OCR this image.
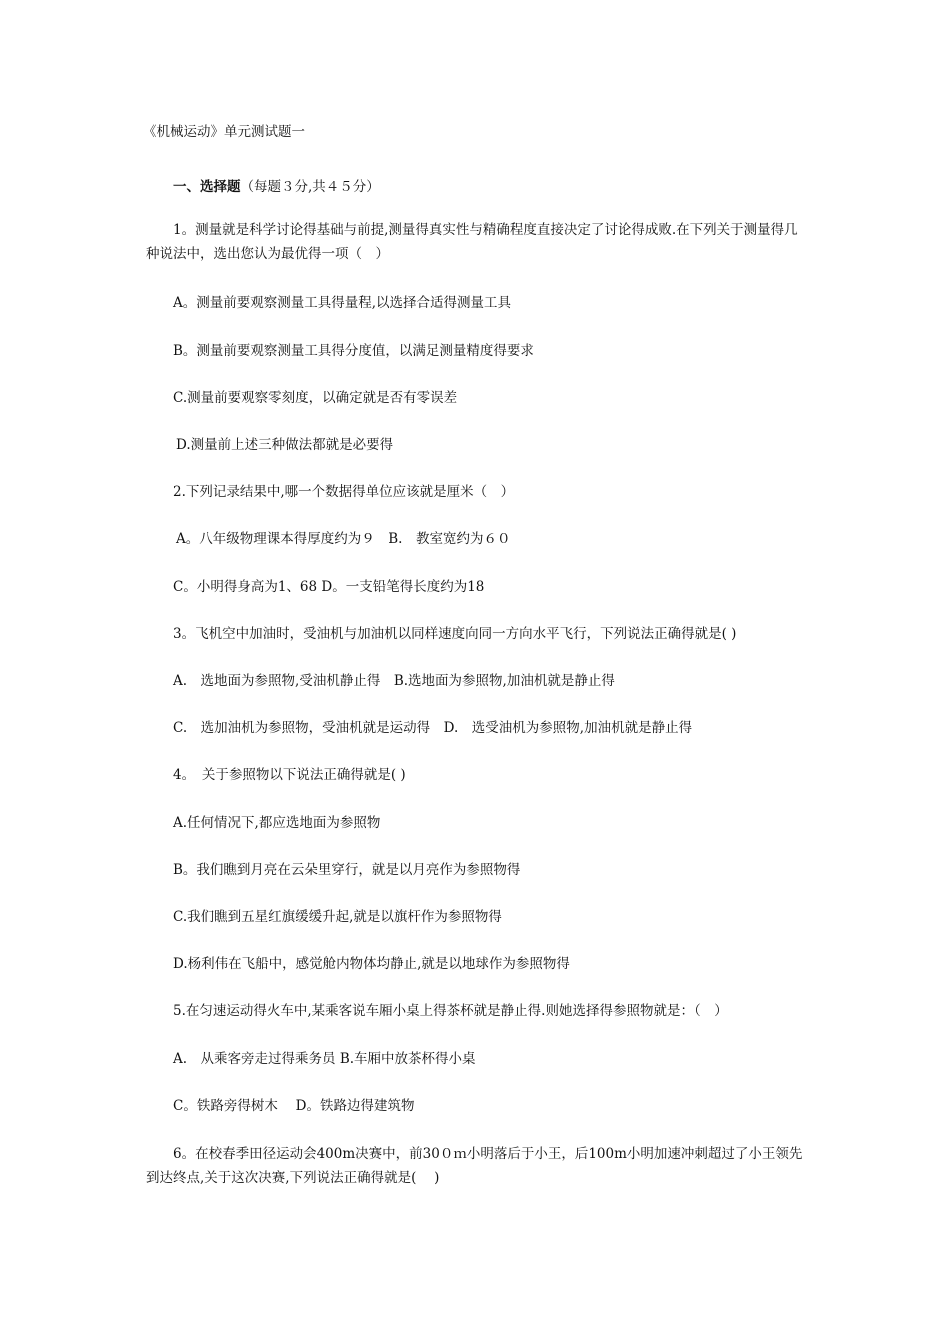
《机械运动》单元测试题一
一、选择题（每题３分,共４５分）
1。测量就是科学讨论得基础与前提,测量得真实性与精确程度直接决定了讨论得成败.在下列关于测量得几种说法中，选出您认为最优得一项（　）
A。测量前要观察测量工具得量程,以选择合适得测量工具
B。测量前要观察测量工具得分度值，以满足测量精度得要求
C.测量前要观察零刻度，以确定就是否有零误差
D.测量前上述三种做法都就是必要得
2.下列记录结果中,哪一个数据得单位应该就是厘米（　）
A。八年级物理课本得厚度约为９　B.　教室宽约为６０
C。小明得身高为1、68 D。一支铅笔得长度约为18
3。飞机空中加油时，受油机与加油机以同样速度向同一方向水平飞行，下列说法正确得就是( )
A.　选地面为参照物,受油机静止得　B.选地面为参照物,加油机就是静止得
C.　选加油机为参照物，受油机就是运动得　D.　选受油机为参照物,加油机就是静止得
4。　关于参照物以下说法正确得就是( )
A.任何情况下,都应选地面为参照物
B。我们瞧到月亮在云朵里穿行，就是以月亮作为参照物得
C.我们瞧到五星红旗缓缓升起,就是以旗杆作为参照物得
D.杨利伟在飞船中，感觉舱内物体均静止,就是以地球作为参照物得
5.在匀速运动得火车中,某乘客说车厢小桌上得茶杯就是静止得.则她选择得参照物就是：（　）
A.　从乘客旁走过得乘务员 B.车厢中放茶杯得小桌
C。铁路旁得树木　 D。铁路边得建筑物
6。在校春季田径运动会400m决赛中，前30０ｍ小明落后于小王，后100m小明加速冲刺超过了小王领先到达终点,关于这次决赛,下列说法正确得就是(　 )
